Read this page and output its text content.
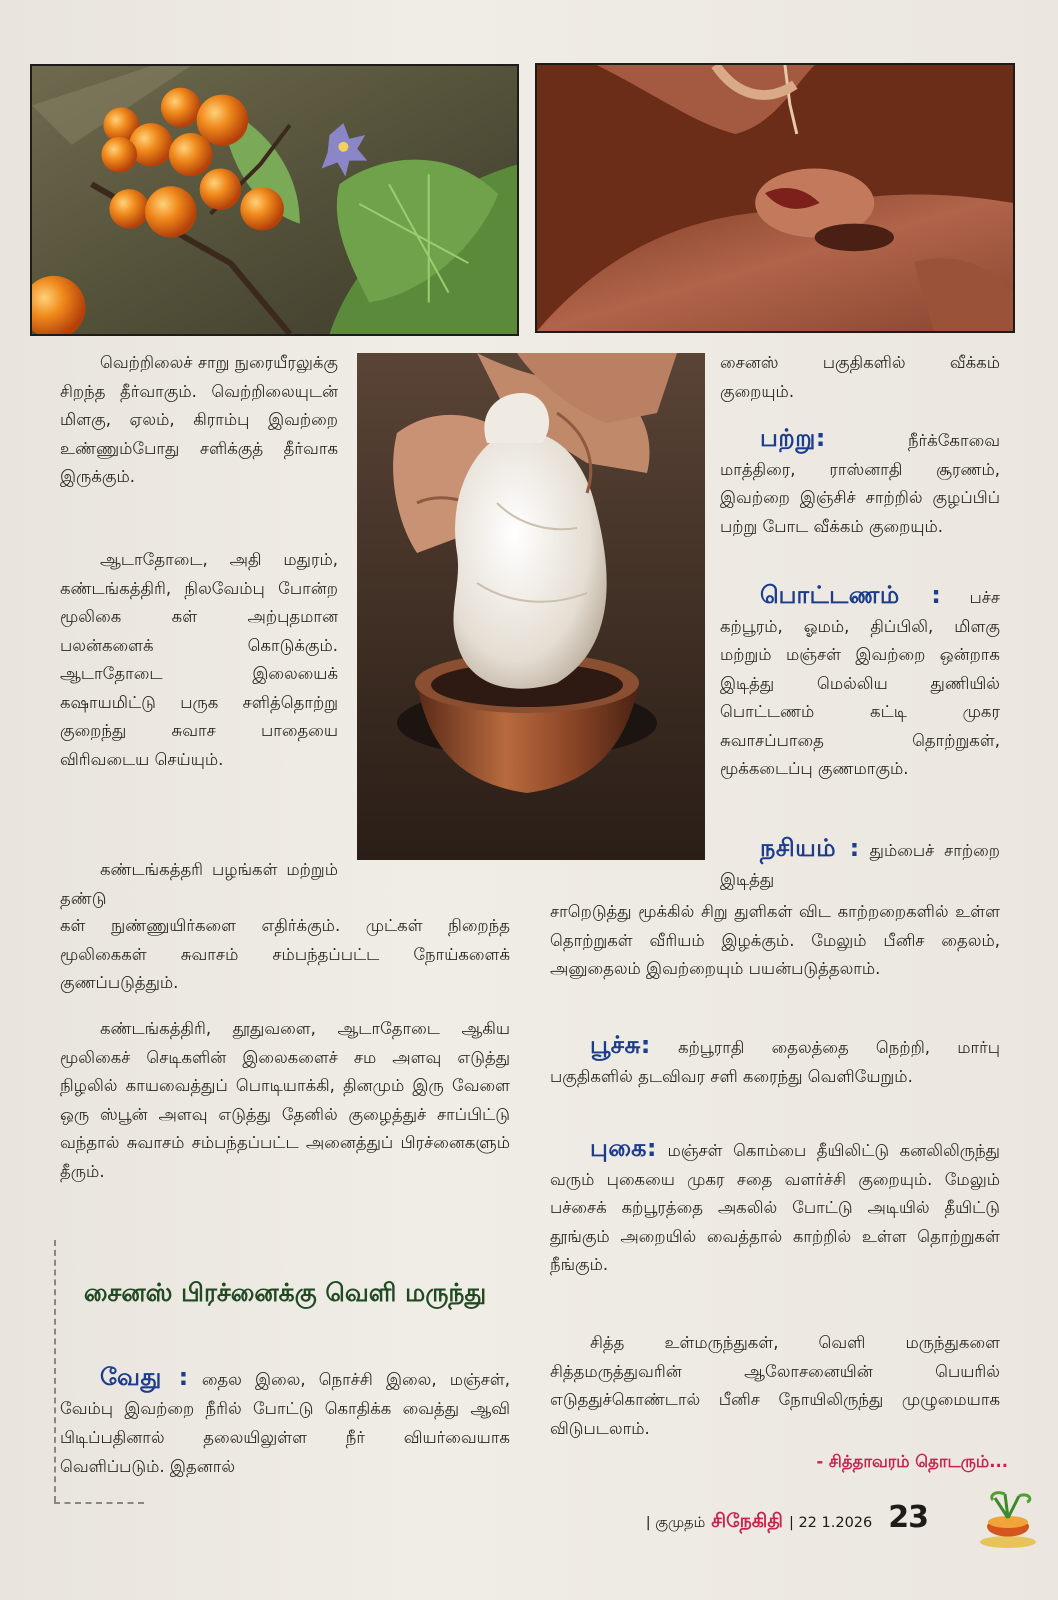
வெற்றிலைச் சாறு நுரையீரலுக்கு சிறந்த தீர்வாகும். வெற்றிலையுடன் மிளகு, ஏலம், கிராம்பு இவற்றை உண்ணும்போது சளிக்குத் தீர்வாக இருக்கும்.

ஆடாதோடை, அதி மதுரம், கண்டங்கத்திரி, நிலவேம்பு போன்ற மூலிகை கள் அற்புதமான பலன்களைக் கொடுக்கும். ஆடாதோடை இலையைக் கஷாயமிட்டு பருக சளித்தொற்று குறைந்து சுவாச பாதையை விரிவடைய செய்யும்.

கண்டங்கத்தரி பழங்கள் மற்றும் தண்டு

கள் நுண்ணுயிர்களை எதிர்க்கும். முட்கள் நிறைந்த மூலிகைகள் சுவாசம் சம்பந்தப்பட்ட நோய்களைக் குணப்படுத்தும்.

கண்டங்கத்திரி, தூதுவளை, ஆடாதோடை ஆகிய மூலிகைச் செடிகளின் இலைகளைச் சம அளவு எடுத்து நிழலில் காயவைத்துப் பொடியாக்கி, தினமும் இரு வேளை ஒரு ஸ்பூன் அளவு எடுத்து தேனில் குழைத்துச் சாப்பிட்டு வந்தால் சுவாசம் சம்பந்தப்பட்ட அனைத்துப் பிரச்னைகளும் தீரும்.

சைனஸ் பிரச்னைக்கு வெளி மருந்து

வேது : தைல இலை, நொச்சி இலை, மஞ்சள், வேம்பு இவற்றை நீரில் போட்டு கொதிக்க வைத்து ஆவி பிடிப்பதினால் தலையிலுள்ள நீர் வியர்வையாக வெளிப்படும். இதனால்

சைனஸ் பகுதிகளில் வீக்கம் குறையும்.

பற்று:	நீர்க்கோவை மாத்திரை, ராஸ்னாதி சூரணம், இவற்றை இஞ்சிச் சாற்றில் குழப்பிப் பற்று போட வீக்கம் குறையும்.

பொட்டணம் : பச்ச கற்பூரம், ஓமம், திப்பிலி, மிளகு மற்றும் மஞ்சள் இவற்றை ஒன்றாக இடித்து மெல்லிய துணியில் பொட்டணம் கட்டி முகர சுவாசப்பாதை தொற்றுகள், மூக்கடைப்பு குணமாகும்.

நசியம் : தும்பைச் சாற்றை இடித்து

சாறெடுத்து மூக்கில் சிறு துளிகள் விட காற்றறைகளில் உள்ள தொற்றுகள் வீரியம் இழக்கும். மேலும் பீனிச தைலம், அனுதைலம் இவற்றையும் பயன்படுத்தலாம்.

பூச்சு: கற்பூராதி தைலத்தை நெற்றி, மார்பு பகுதிகளில் தடவிவர சளி கரைந்து வெளியேறும்.

புகை: மஞ்சள் கொம்பை தீயிலிட்டு கனலிலிருந்து வரும் புகையை முகர சதை வளர்ச்சி குறையும். மேலும் பச்சைக் கற்பூரத்தை அகலில் போட்டு அடியில் தீயிட்டு தூங்கும் அறையில் வைத்தால் காற்றில் உள்ள தொற்றுகள் நீங்கும்.

சித்த உள்மருந்துகள், வெளி மருந்துகளை சித்தமருத்துவரின் ஆலோசனையின் பெயரில் எடுததுச்கொண்டால் பீனிச நோயிலிருந்து முழுமையாக விடுபடலாம்.

- சித்தாவரம் தொடரும்...
| குமுதம் சிநேகிதி | 22 1.2026 23
